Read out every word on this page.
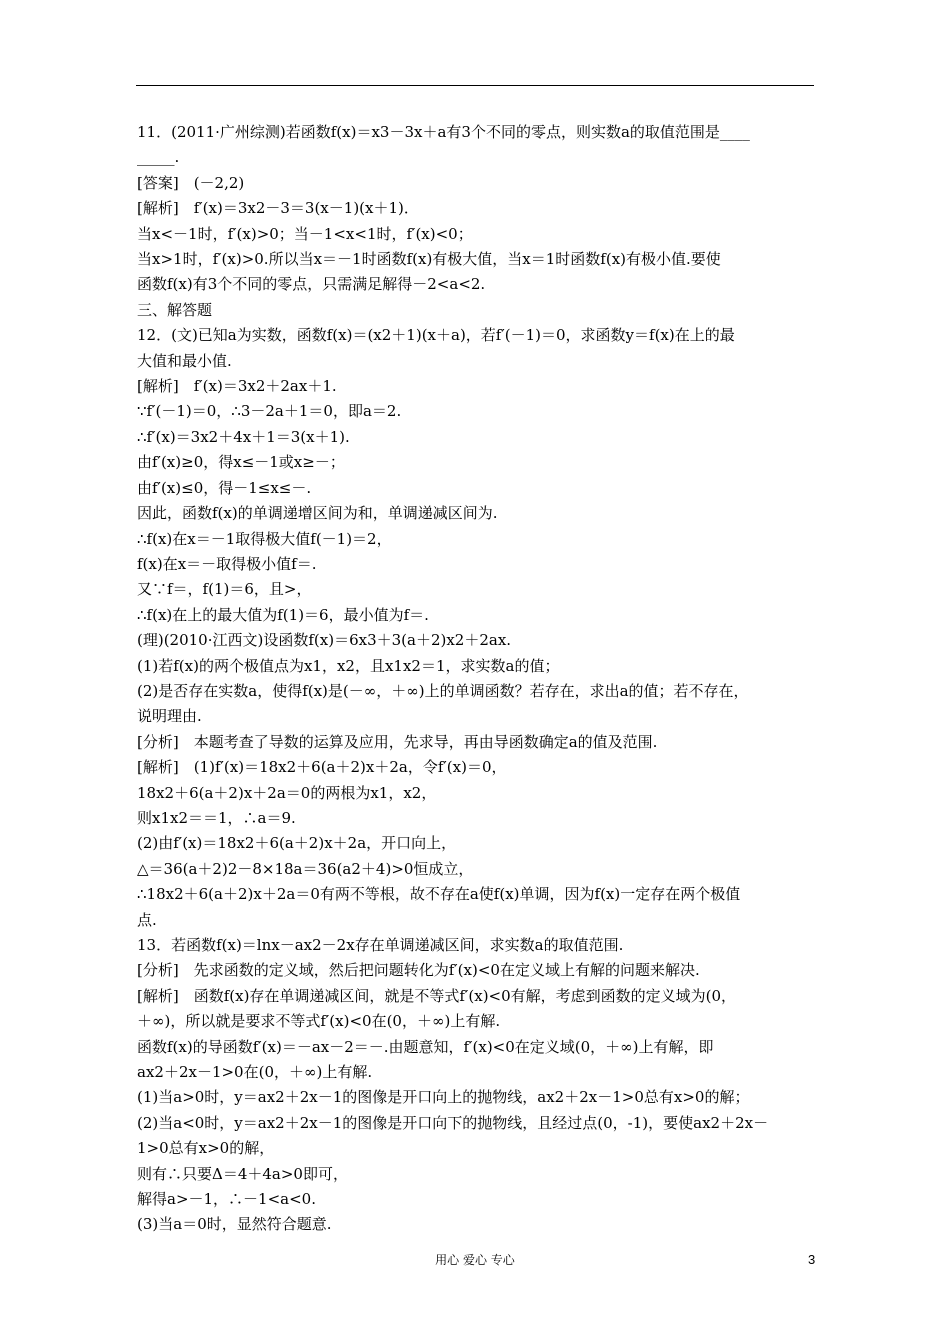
11．(2011·广州综测)若函数f(x)＝x3－3x＋a有3个不同的零点，则实数a的取值范围是____
_____.
[答案]　(－2,2)
[解析]　f′(x)＝3x2－3＝3(x－1)(x＋1)．
当x<－1时，f′(x)>0；当－1<x<1时，f′(x)<0；
当x>1时，f′(x)>0.所以当x＝－1时函数f(x)有极大值，当x＝1时函数f(x)有极小值.要使
函数f(x)有3个不同的零点，只需满足解得－2<a<2.
三、解答题
12．(文)已知a为实数，函数f(x)＝(x2＋1)(x＋a)，若f′(－1)＝0，求函数y＝f(x)在上的最
大值和最小值.
[解析]　f′(x)＝3x2＋2ax＋1.
∵f′(－1)＝0，∴3－2a＋1＝0，即a＝2.
∴f′(x)＝3x2＋4x＋1＝3(x＋1).
由f′(x)≥0，得x≤－1或x≥－；
由f′(x)≤0，得－1≤x≤－.
因此，函数f(x)的单调递增区间为和，单调递减区间为.
∴f(x)在x＝－1取得极大值f(－1)＝2，
f(x)在x＝－取得极小值f＝.
又∵f＝，f(1)＝6，且>，
∴f(x)在上的最大值为f(1)＝6，最小值为f＝.
(理)(2010·江西文)设函数f(x)＝6x3＋3(a＋2)x2＋2ax.
(1)若f(x)的两个极值点为x1，x2，且x1x2＝1，求实数a的值；
(2)是否存在实数a，使得f(x)是(－∞，＋∞)上的单调函数？若存在，求出a的值；若不存在，
说明理由.
[分析]　本题考查了导数的运算及应用，先求导，再由导函数确定a的值及范围.
[解析]　(1)f′(x)＝18x2＋6(a＋2)x＋2a，令f′(x)＝0，
18x2＋6(a＋2)x＋2a＝0的两根为x1，x2，
则x1x2＝＝1，∴a＝9.
(2)由f′(x)＝18x2＋6(a＋2)x＋2a，开口向上，
△＝36(a＋2)2－8×18a＝36(a2＋4)>0恒成立，
∴18x2＋6(a＋2)x＋2a＝0有两不等根，故不存在a使f(x)单调，因为f(x)一定存在两个极值
点.
13．若函数f(x)＝lnx－ax2－2x存在单调递减区间，求实数a的取值范围.
[分析]　先求函数的定义域，然后把问题转化为f′(x)<0在定义域上有解的问题来解决.
[解析]　函数f(x)存在单调递减区间，就是不等式f′(x)<0有解，考虑到函数的定义域为(0，
＋∞)，所以就是要求不等式f′(x)<0在(0，＋∞)上有解.
函数f(x)的导函数f′(x)＝－ax－2＝－.由题意知，f′(x)<0在定义域(0，＋∞)上有解，即
ax2＋2x－1>0在(0，＋∞)上有解.
(1)当a>0时，y＝ax2＋2x－1的图像是开口向上的抛物线，ax2＋2x－1>0总有x>0的解；
(2)当a<0时，y＝ax2＋2x－1的图像是开口向下的抛物线，且经过点(0，-1)，要使ax2＋2x－
1>0总有x>0的解，
则有∴只要Δ＝4＋4a>0即可，
解得a>－1，∴－1<a<0.
(3)当a＝0时，显然符合题意.
用心 爱心 专心	3
